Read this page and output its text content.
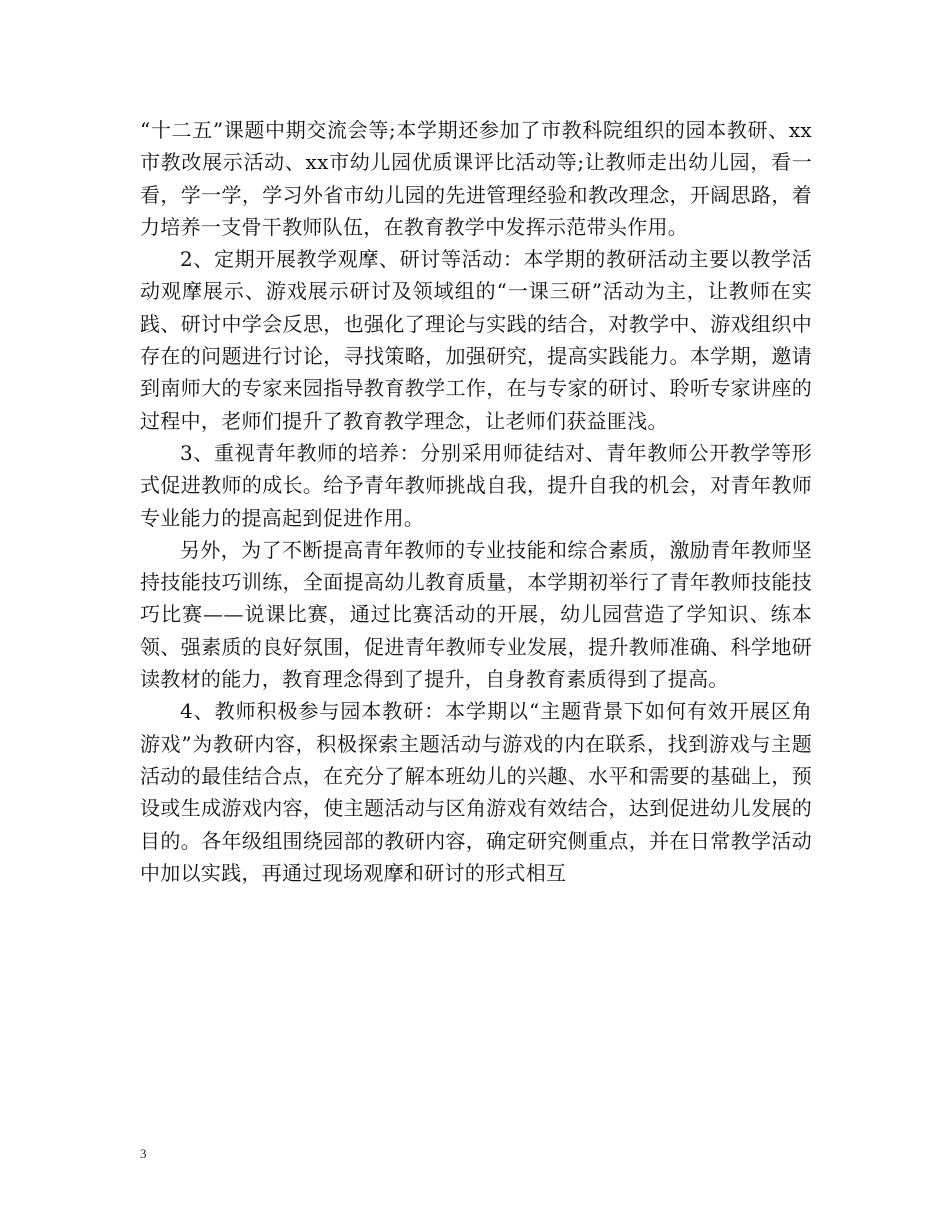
“十二五”课题中期交流会等;本学期还参加了市教科院组织的园本教研、xx市教改展示活动、xx市幼儿园优质课评比活动等;让教师走出幼儿园，看一看，学一学，学习外省市幼儿园的先进管理经验和教改理念，开阔思路，着力培养一支骨干教师队伍，在教育教学中发挥示范带头作用。

2、定期开展教学观摩、研讨等活动：本学期的教研活动主要以教学活动观摩展示、游戏展示研讨及领域组的“一课三研”活动为主，让教师在实践、研讨中学会反思，也强化了理论与实践的结合，对教学中、游戏组织中存在的问题进行讨论，寻找策略，加强研究，提高实践能力。本学期，邀请到南师大的专家来园指导教育教学工作，在与专家的研讨、聆听专家讲座的过程中，老师们提升了教育教学理念，让老师们获益匪浅。

3、重视青年教师的培养：分别采用师徒结对、青年教师公开教学等形式促进教师的成长。给予青年教师挑战自我，提升自我的机会，对青年教师专业能力的提高起到促进作用。

另外，为了不断提高青年教师的专业技能和综合素质，激励青年教师坚持技能技巧训练，全面提高幼儿教育质量，本学期初举行了青年教师技能技巧比赛——说课比赛，通过比赛活动的开展，幼儿园营造了学知识、练本领、强素质的良好氛围，促进青年教师专业发展，提升教师准确、科学地研读教材的能力，教育理念得到了提升，自身教育素质得到了提高。

4、教师积极参与园本教研：本学期以“主题背景下如何有效开展区角游戏”为教研内容，积极探索主题活动与游戏的内在联系，找到游戏与主题活动的最佳结合点，在充分了解本班幼儿的兴趣、水平和需要的基础上，预设或生成游戏内容，使主题活动与区角游戏有效结合，达到促进幼儿发展的目的。各年级组围绕园部的教研内容，确定研究侧重点，并在日常教学活动中加以实践，再通过现场观摩和研讨的形式相互

3
